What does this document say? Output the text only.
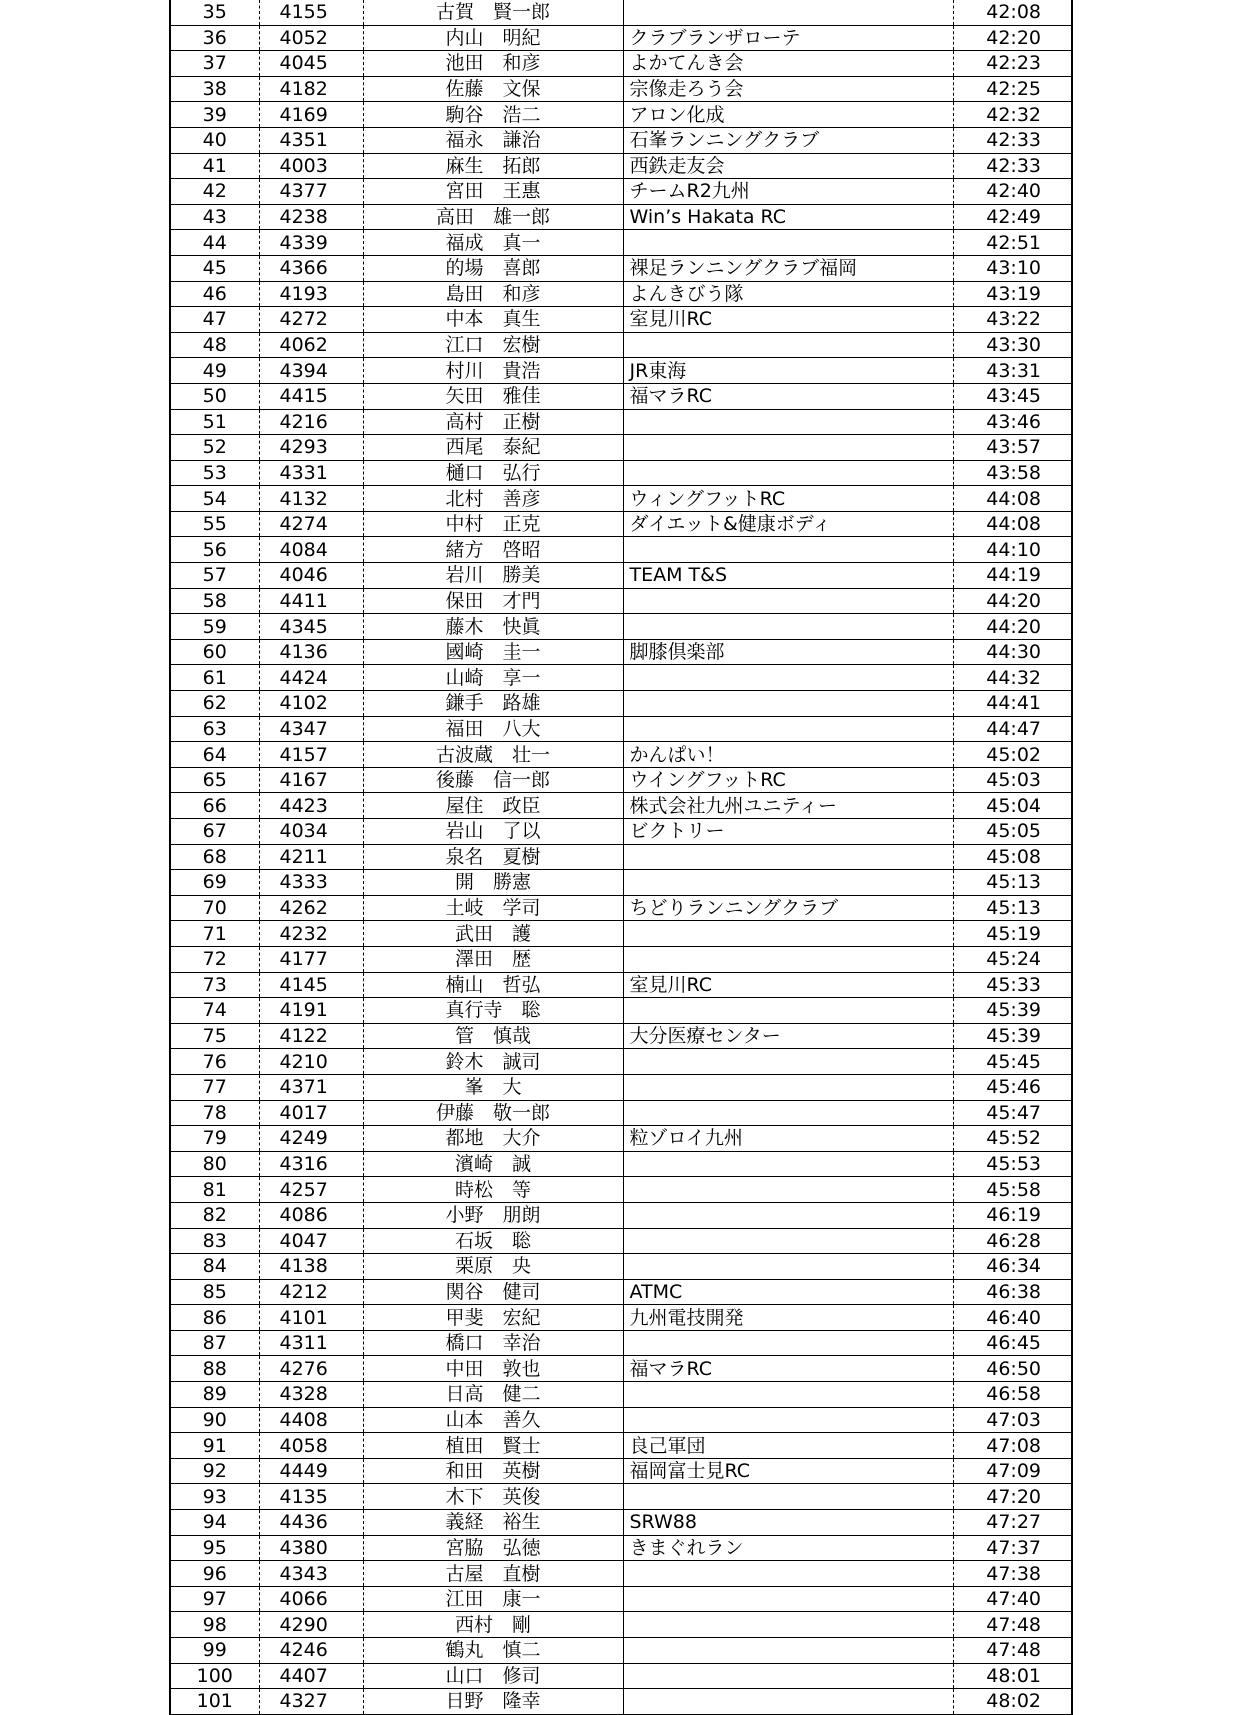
35	4155	古賀　賢一郎		42:08
36	4052	内山　明紀	クラブランザローテ	42:20
37	4045	池田　和彦	よかてんき会	42:23
38	4182	佐藤　文保	宗像走ろう会	42:25
39	4169	駒谷　浩二	アロン化成	42:32
40	4351	福永　謙治	石峯ランニングクラブ	42:33
41	4003	麻生　拓郎	西鉄走友会	42:33
42	4377	宮田　王惠	チームR2九州	42:40
43	4238	高田　雄一郎	Win’s Hakata RC	42:49
44	4339	福成　真一		42:51
45	4366	的場　喜郎	裸足ランニングクラブ福岡	43:10
46	4193	島田　和彦	よんきびう隊	43:19
47	4272	中本　真生	室見川RC	43:22
48	4062	江口　宏樹		43:30
49	4394	村川　貴浩	JR東海	43:31
50	4415	矢田　雅佳	福マラRC	43:45
51	4216	高村　正樹		43:46
52	4293	西尾　泰紀		43:57
53	4331	樋口　弘行		43:58
54	4132	北村　善彦	ウィングフットRC	44:08
55	4274	中村　正克	ダイエット&健康ボディ	44:08
56	4084	緒方　啓昭		44:10
57	4046	岩川　勝美	TEAM T&S	44:19
58	4411	保田　才門		44:20
59	4345	藤木　快眞		44:20
60	4136	國崎　圭一	脚膝倶楽部	44:30
61	4424	山崎　享一		44:32
62	4102	鎌手　路雄		44:41
63	4347	福田　八大		44:47
64	4157	古波蔵　壮一	かんぱい！	45:02
65	4167	後藤　信一郎	ウイングフットRC	45:03
66	4423	屋住　政臣	株式会社九州ユニティー	45:04
67	4034	岩山　了以	ビクトリー	45:05
68	4211	泉名　夏樹		45:08
69	4333	開　勝憲		45:13
70	4262	土岐　学司	ちどりランニングクラブ	45:13
71	4232	武田　護		45:19
72	4177	澤田　歴		45:24
73	4145	楠山　哲弘	室見川RC	45:33
74	4191	真行寺　聡		45:39
75	4122	管　慎哉	大分医療センター	45:39
76	4210	鈴木　誠司		45:45
77	4371	峯　大		45:46
78	4017	伊藤　敬一郎		45:47
79	4249	都地　大介	粒ゾロイ九州	45:52
80	4316	濱崎　誠		45:53
81	4257	時松　等		45:58
82	4086	小野　朋朗		46:19
83	4047	石坂　聡		46:28
84	4138	栗原　央		46:34
85	4212	関谷　健司	ATMC	46:38
86	4101	甲斐　宏紀	九州電技開発	46:40
87	4311	橋口　幸治		46:45
88	4276	中田　敦也	福マラRC	46:50
89	4328	日高　健二		46:58
90	4408	山本　善久		47:03
91	4058	植田　賢士	良己軍団	47:08
92	4449	和田　英樹	福岡富士見RC	47:09
93	4135	木下　英俊		47:20
94	4436	義経　裕生	SRW88	47:27
95	4380	宮脇　弘徳	きまぐれラン	47:37
96	4343	古屋　直樹		47:38
97	4066	江田　康一		47:40
98	4290	西村　剛		47:48
99	4246	鶴丸　慎二		47:48
100	4407	山口　修司		48:01
101	4327	日野　隆幸		48:02
